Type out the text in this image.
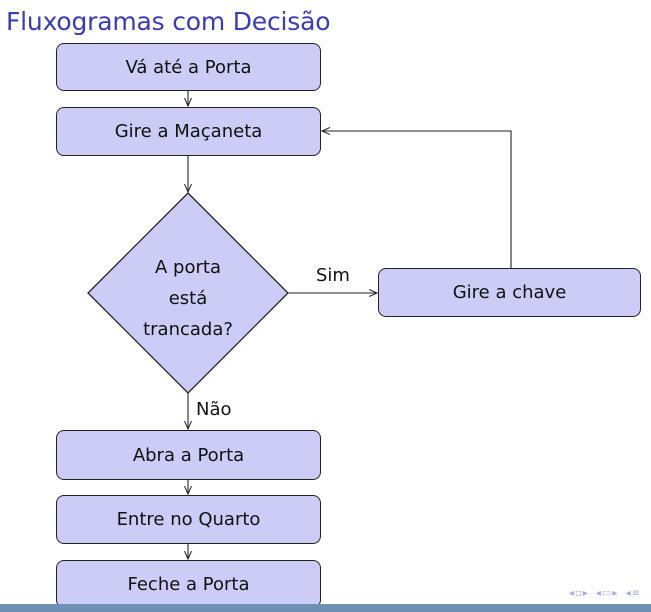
Fluxogramas com Decisão
Vá até a Porta
Gire a Maçaneta
A porta
está
trancada?
Gire a chave
Sim
Não
Abra a Porta
Entre no Quarto
Feche a Porta	◂▫▸ ◂▭▸ ◂≡
